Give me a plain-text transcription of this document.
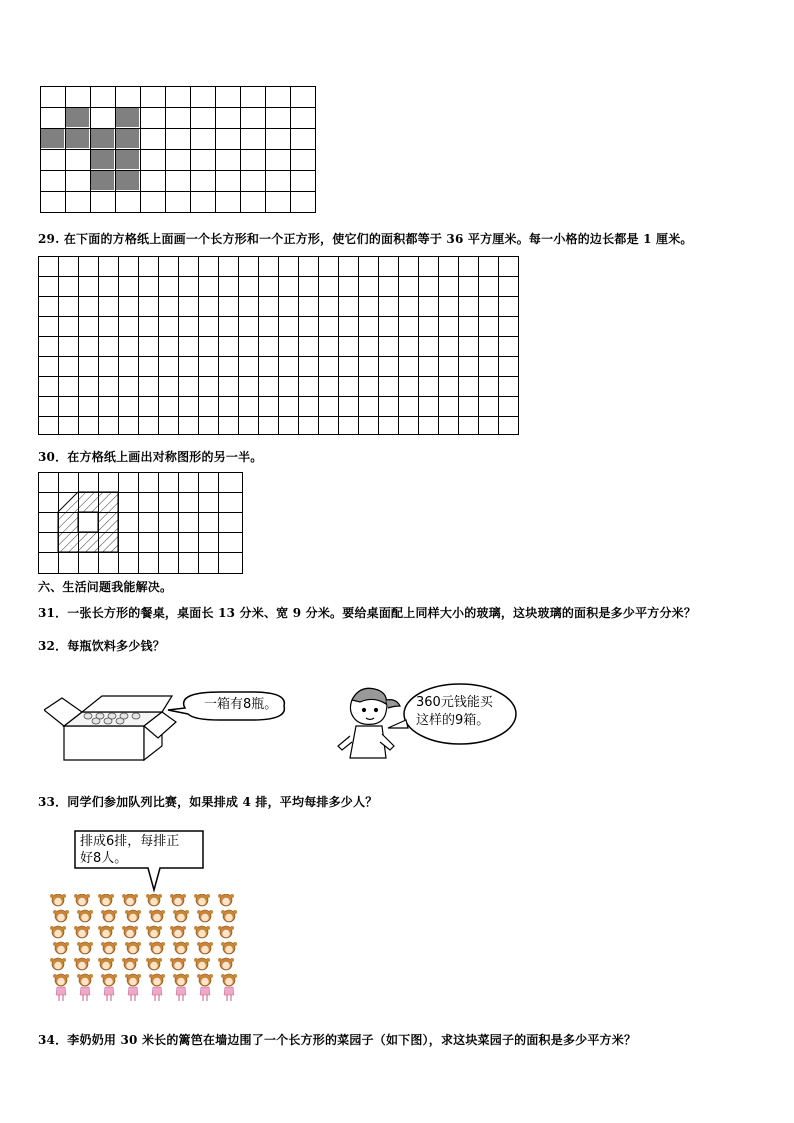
29. 在下面的方格纸上面画一个长方形和一个正方形，使它们的面积都等于 36 平方厘米。每一小格的边长都是 1 厘米。
30．在方格纸上画出对称图形的另一半。
六、生活问题我能解决。
31．一张长方形的餐桌，桌面长 13 分米、宽 9 分米。要给桌面配上同样大小的玻璃，这块玻璃的面积是多少平方分米？
32．每瓶饮料多少钱？
一箱有8瓶。	360元钱能买
这样的9箱。
33．同学们参加队列比赛，如果排成 4 排，平均每排多少人？
排成6排，每排正
好8人。
34．李奶奶用 30 米长的篱笆在墙边围了一个长方形的菜园子（如下图），求这块菜园子的面积是多少平方米？
